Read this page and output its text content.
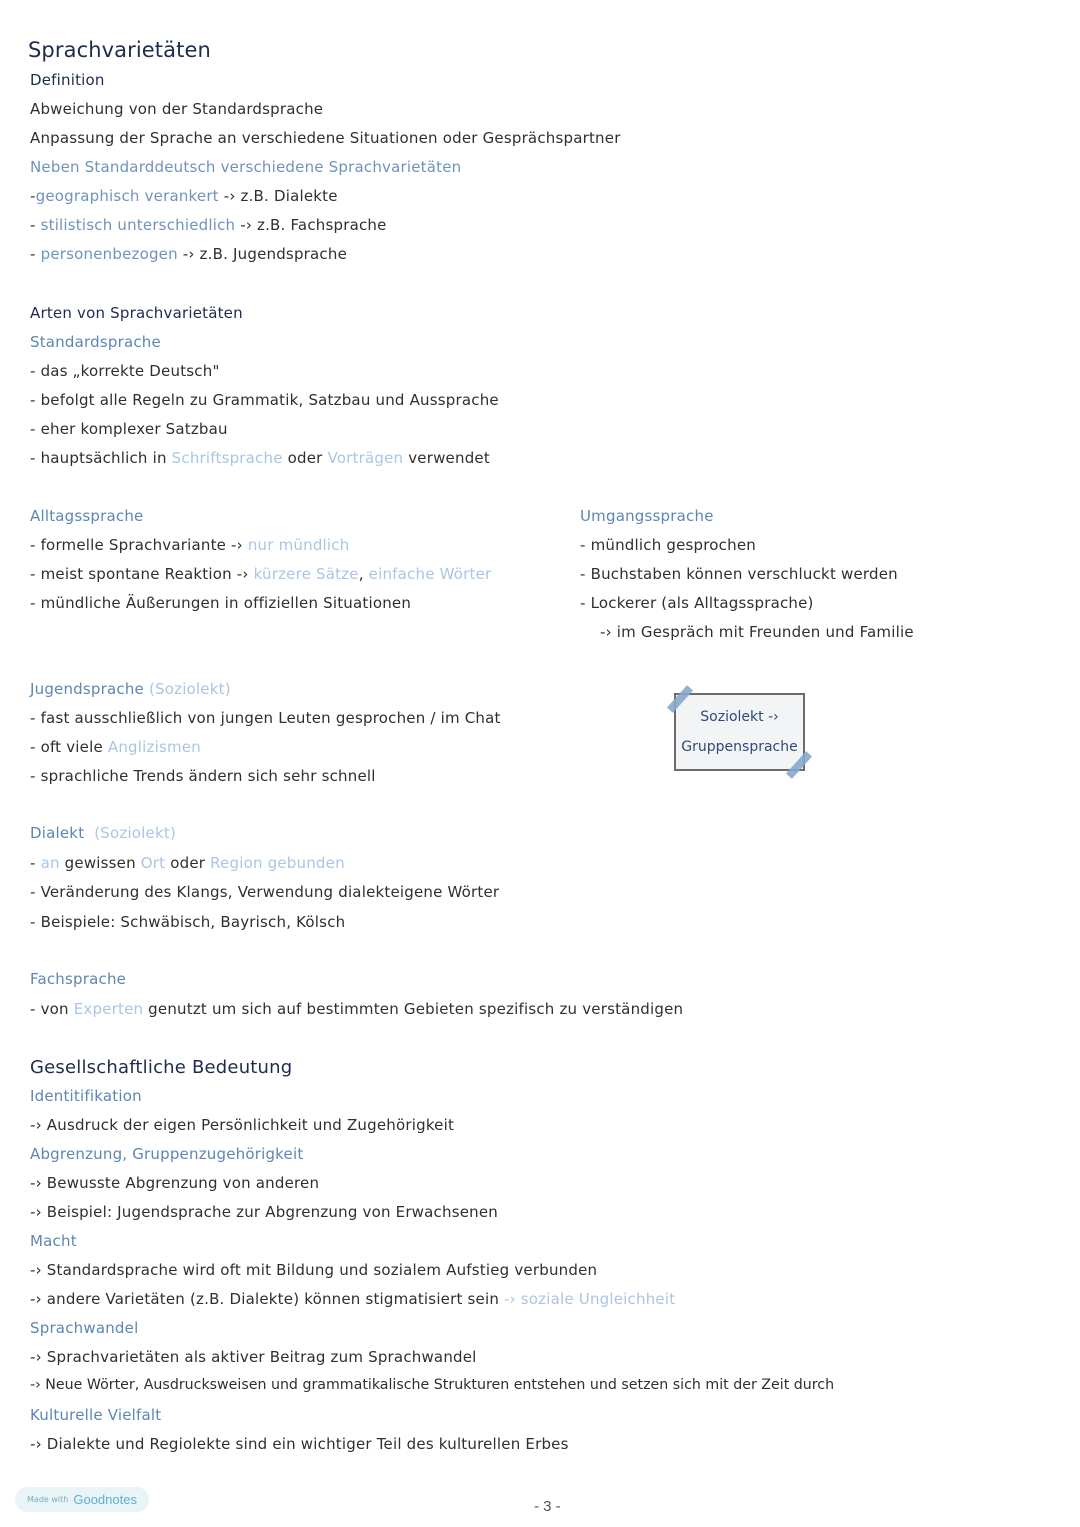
Sprachvarietäten
Definition
Abweichung von der Standardsprache
Anpassung der Sprache an verschiedene Situationen oder Gesprächspartner
Neben Standarddeutsch verschiedene Sprachvarietäten
-geographisch verankert -› z.B. Dialekte
- stilistisch unterschiedlich -› z.B. Fachsprache
- personenbezogen -› z.B. Jugendsprache
Arten von Sprachvarietäten
Standardsprache
- das „korrekte Deutsch"
- befolgt alle Regeln zu Grammatik, Satzbau und Aussprache
- eher komplexer Satzbau
- hauptsächlich in Schriftsprache oder Vorträgen verwendet
Alltagssprache
- formelle Sprachvariante -› nur mündlich
- meist spontane Reaktion -› kürzere Sätze, einfache Wörter
- mündliche Äußerungen in offiziellen Situationen
Umgangssprache
- mündlich gesprochen
- Buchstaben können verschluckt werden
- Lockerer (als Alltagssprache)
-› im Gespräch mit Freunden und Familie
Jugendsprache (Soziolekt)
- fast ausschließlich von jungen Leuten gesprochen / im Chat
- oft viele Anglizismen
- sprachliche Trends ändern sich sehr schnell
Soziolekt -›
Gruppensprache
Dialekt (Soziolekt)
- an gewissen Ort oder Region gebunden
- Veränderung des Klangs, Verwendung dialekteigene Wörter
- Beispiele: Schwäbisch, Bayrisch, Kölsch
Fachsprache
- von Experten genutzt um sich auf bestimmten Gebieten spezifisch zu verständigen
Gesellschaftliche Bedeutung
Identitifikation
-› Ausdruck der eigen Persönlichkeit und Zugehörigkeit
Abgrenzung, Gruppenzugehörigkeit
-› Bewusste Abgrenzung von anderen
-› Beispiel: Jugendsprache zur Abgrenzung von Erwachsenen
Macht
-› Standardsprache wird oft mit Bildung und sozialem Aufstieg verbunden
-› andere Varietäten (z.B. Dialekte) können stigmatisiert sein -› soziale Ungleichheit
Sprachwandel
-› Sprachvarietäten als aktiver Beitrag zum Sprachwandel
-› Neue Wörter, Ausdrucksweisen und grammatikalische Strukturen entstehen und setzen sich mit der Zeit durch
Kulturelle Vielfalt
-› Dialekte und Regiolekte sind ein wichtiger Teil des kulturellen Erbes
Made with Goodnotes	- 3 -
